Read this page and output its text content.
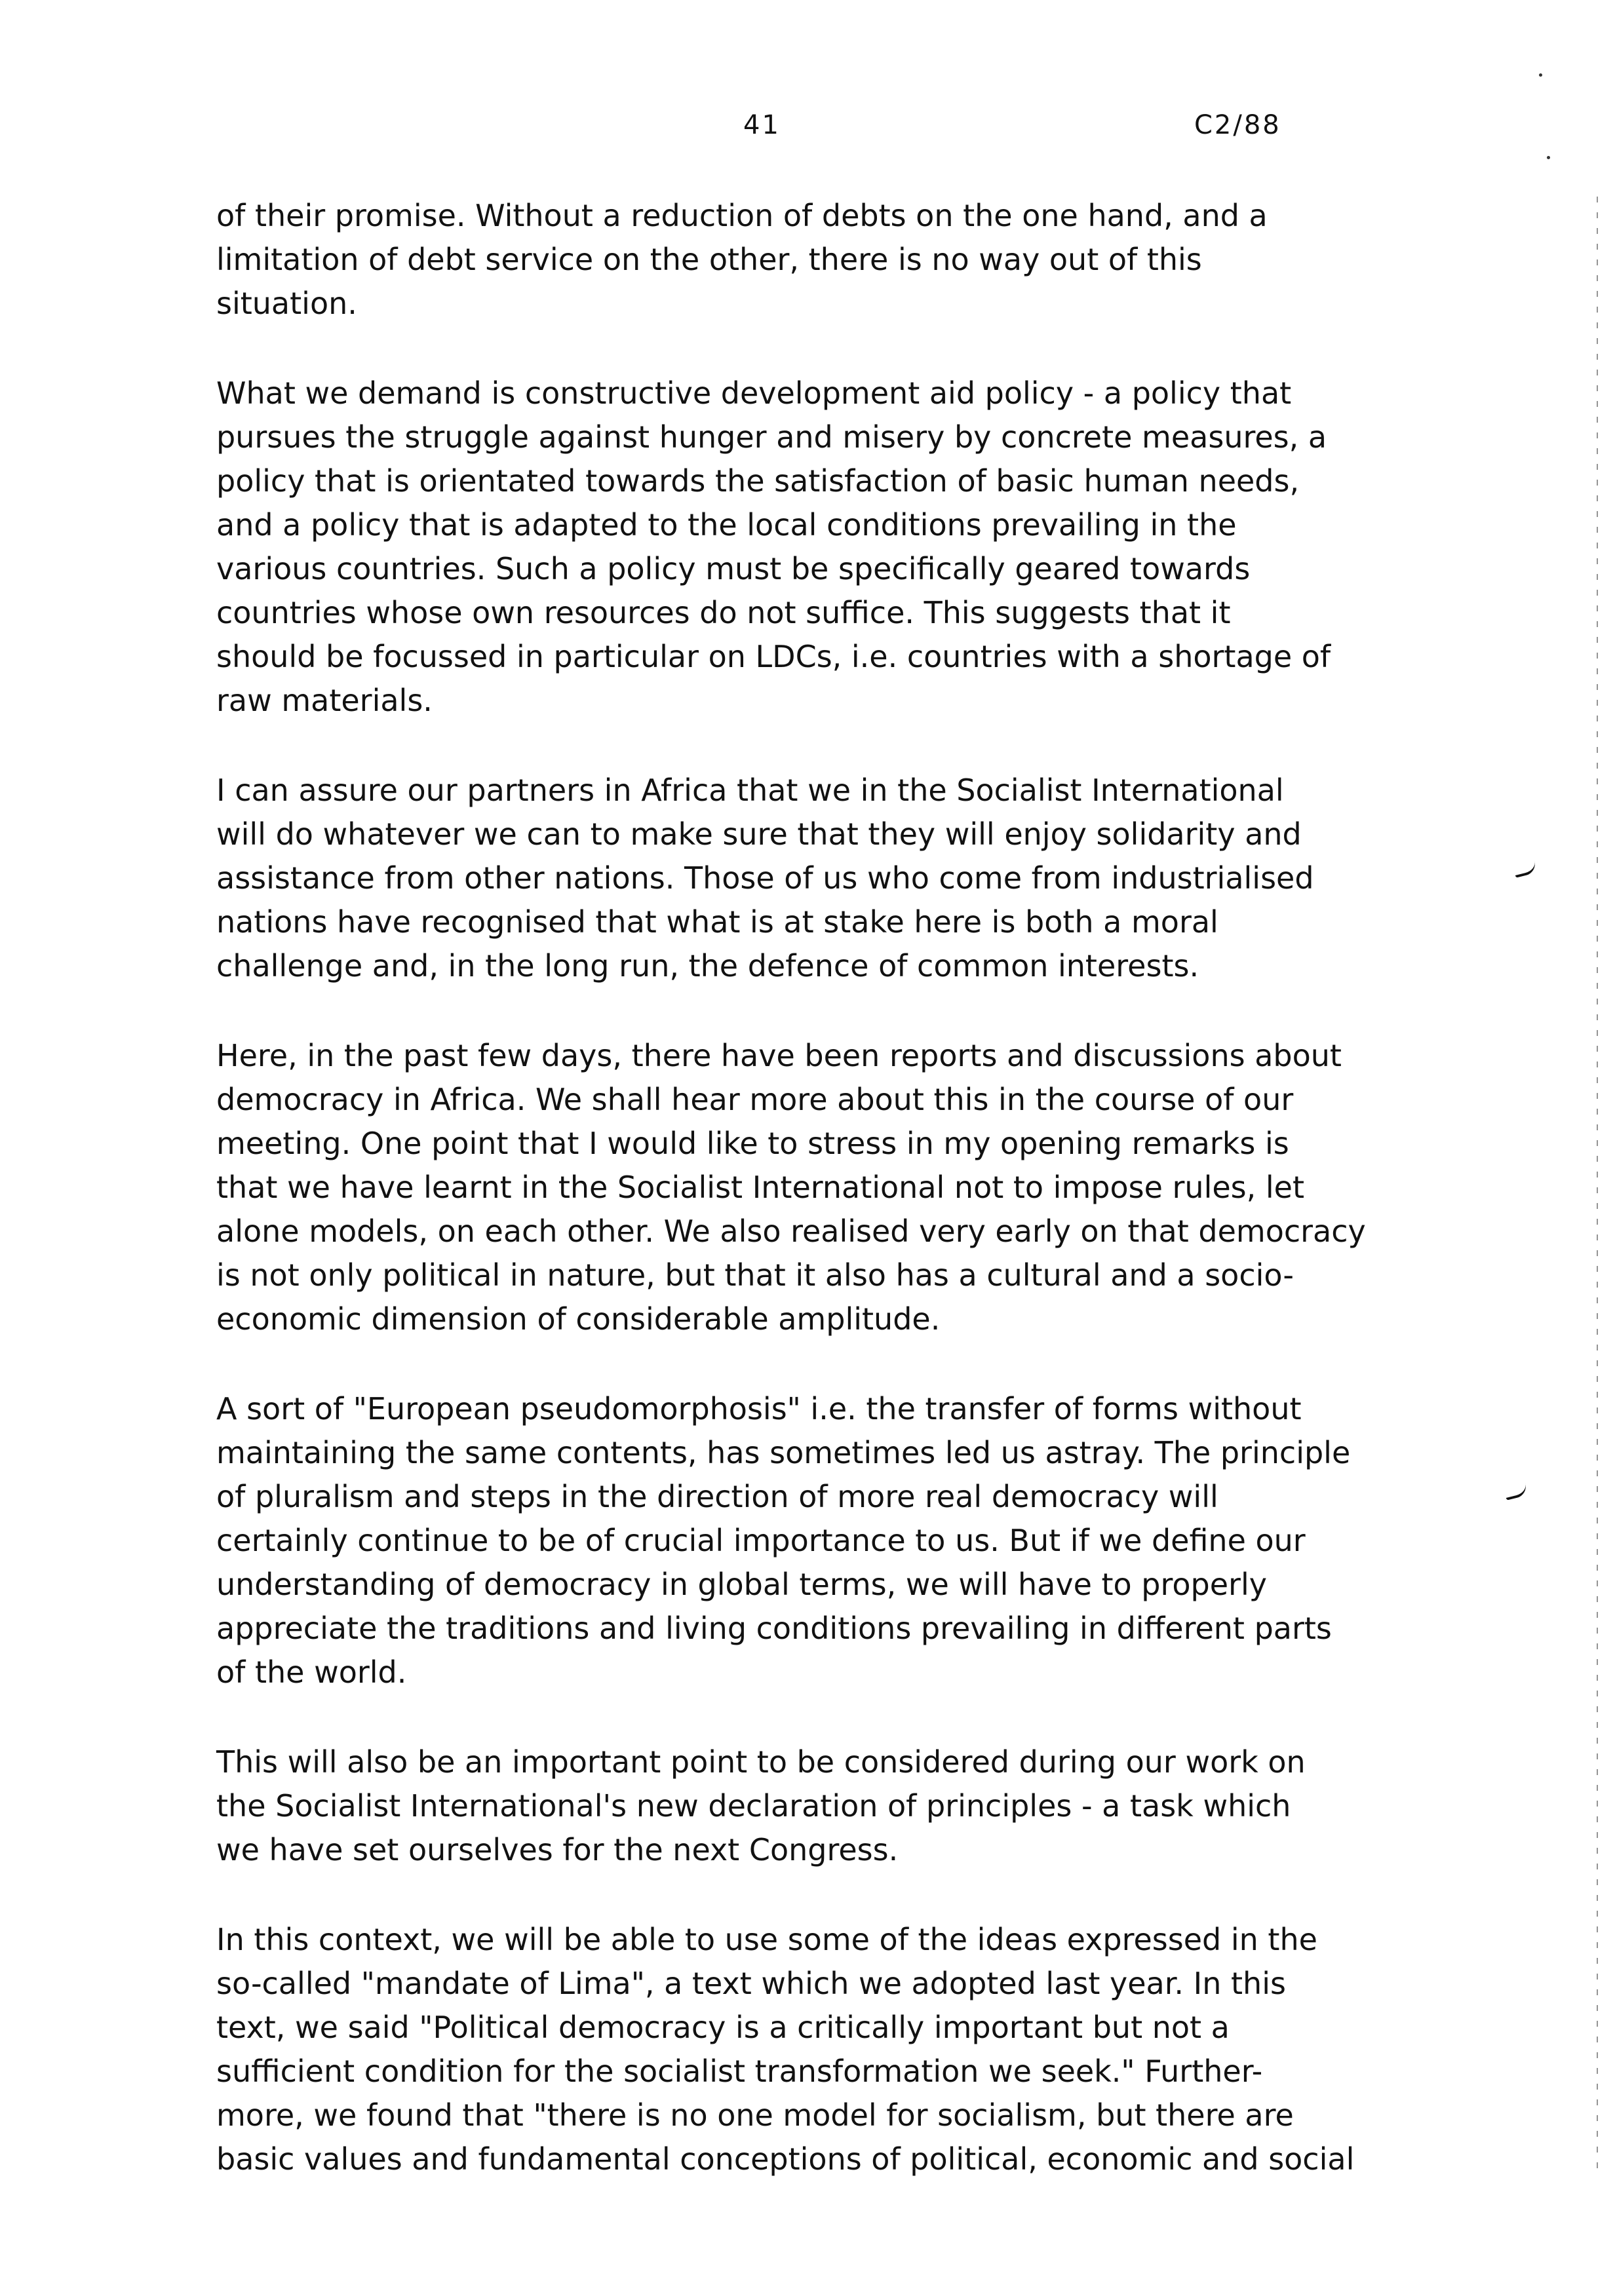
41	C2/88

of their promise. Without a reduction of debts on the one hand, and a
limitation of debt service on the other, there is no way out of this
situation.

What we demand is constructive development aid policy - a policy that
pursues the struggle against hunger and misery by concrete measures, a
policy that is orientated towards the satisfaction of basic human needs,
and a policy that is adapted to the local conditions prevailing in the
various countries. Such a policy must be specifically geared towards
countries whose own resources do not suffice. This suggests that it
should be focussed in particular on LDCs, i.e. countries with a shortage of
raw materials.

I can assure our partners in Africa that we in the Socialist International
will do whatever we can to make sure that they will enjoy solidarity and
assistance from other nations. Those of us who come from industrialised
nations have recognised that what is at stake here is both a moral
challenge and, in the long run, the defence of common interests.

Here, in the past few days, there have been reports and discussions about
democracy in Africa. We shall hear more about this in the course of our
meeting. One point that I would like to stress in my opening remarks is
that we have learnt in the Socialist International not to impose rules, let
alone models, on each other. We also realised very early on that democracy
is not only political in nature, but that it also has a cultural and a socio-
economic dimension of considerable amplitude.

A sort of "European pseudomorphosis" i.e. the transfer of forms without
maintaining the same contents, has sometimes led us astray. The principle
of pluralism and steps in the direction of more real democracy will
certainly continue to be of crucial importance to us. But if we define our
understanding of democracy in global terms, we will have to properly
appreciate the traditions and living conditions prevailing in different parts
of the world.

This will also be an important point to be considered during our work on
the Socialist International's new declaration of principles - a task which
we have set ourselves for the next Congress.

In this context, we will be able to use some of the ideas expressed in the
so-called "mandate of Lima", a text which we adopted last year. In this
text, we said "Political democracy is a critically important but not a
sufficient condition for the socialist transformation we seek." Further-
more, we found that "there is no one model for socialism, but there are
basic values and fundamental conceptions of political, economic and social
